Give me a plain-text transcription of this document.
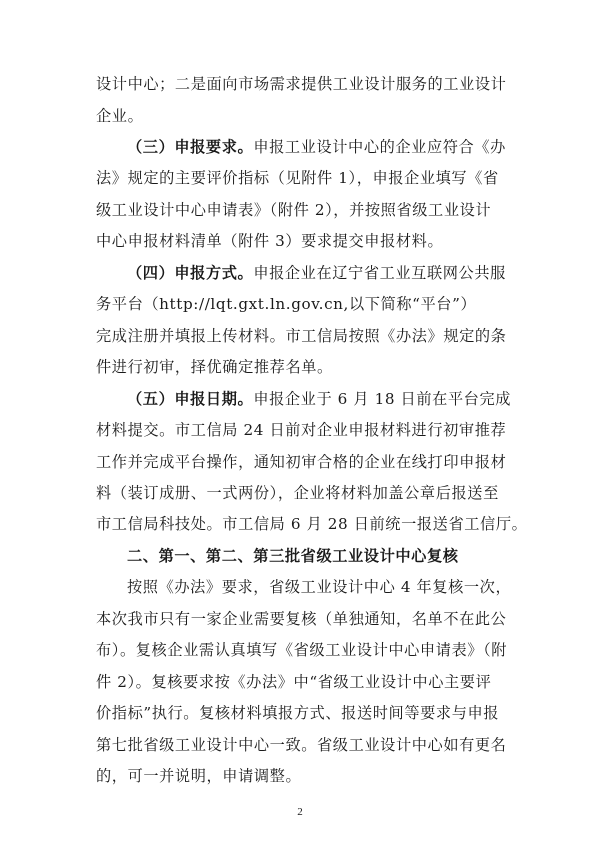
设计中心；二是面向市场需求提供工业设计服务的工业设计
企业。
（三）申报要求。申报工业设计中心的企业应符合《办
法》规定的主要评价指标（见附件 1），申报企业填写《省
级工业设计中心申请表》（附件 2），并按照省级工业设计
中心申报材料清单（附件 3）要求提交申报材料。
（四）申报方式。申报企业在辽宁省工业互联网公共服
务平台（http://lqt.gxt.ln.gov.cn,以下简称“平台”）
完成注册并填报上传材料。市工信局按照《办法》规定的条
件进行初审，择优确定推荐名单。
（五）申报日期。申报企业于 6 月 18 日前在平台完成
材料提交。市工信局 24 日前对企业申报材料进行初审推荐
工作并完成平台操作，通知初审合格的企业在线打印申报材
料（装订成册、一式两份），企业将材料加盖公章后报送至
市工信局科技处。市工信局 6 月 28 日前统一报送省工信厅。
二、第一、第二、第三批省级工业设计中心复核
按照《办法》要求，省级工业设计中心 4 年复核一次，
本次我市只有一家企业需要复核（单独通知，名单不在此公
布）。复核企业需认真填写《省级工业设计中心申请表》（附
件 2）。复核要求按《办法》中“省级工业设计中心主要评
价指标”执行。复核材料填报方式、报送时间等要求与申报
第七批省级工业设计中心一致。省级工业设计中心如有更名
的，可一并说明，申请调整。
2
